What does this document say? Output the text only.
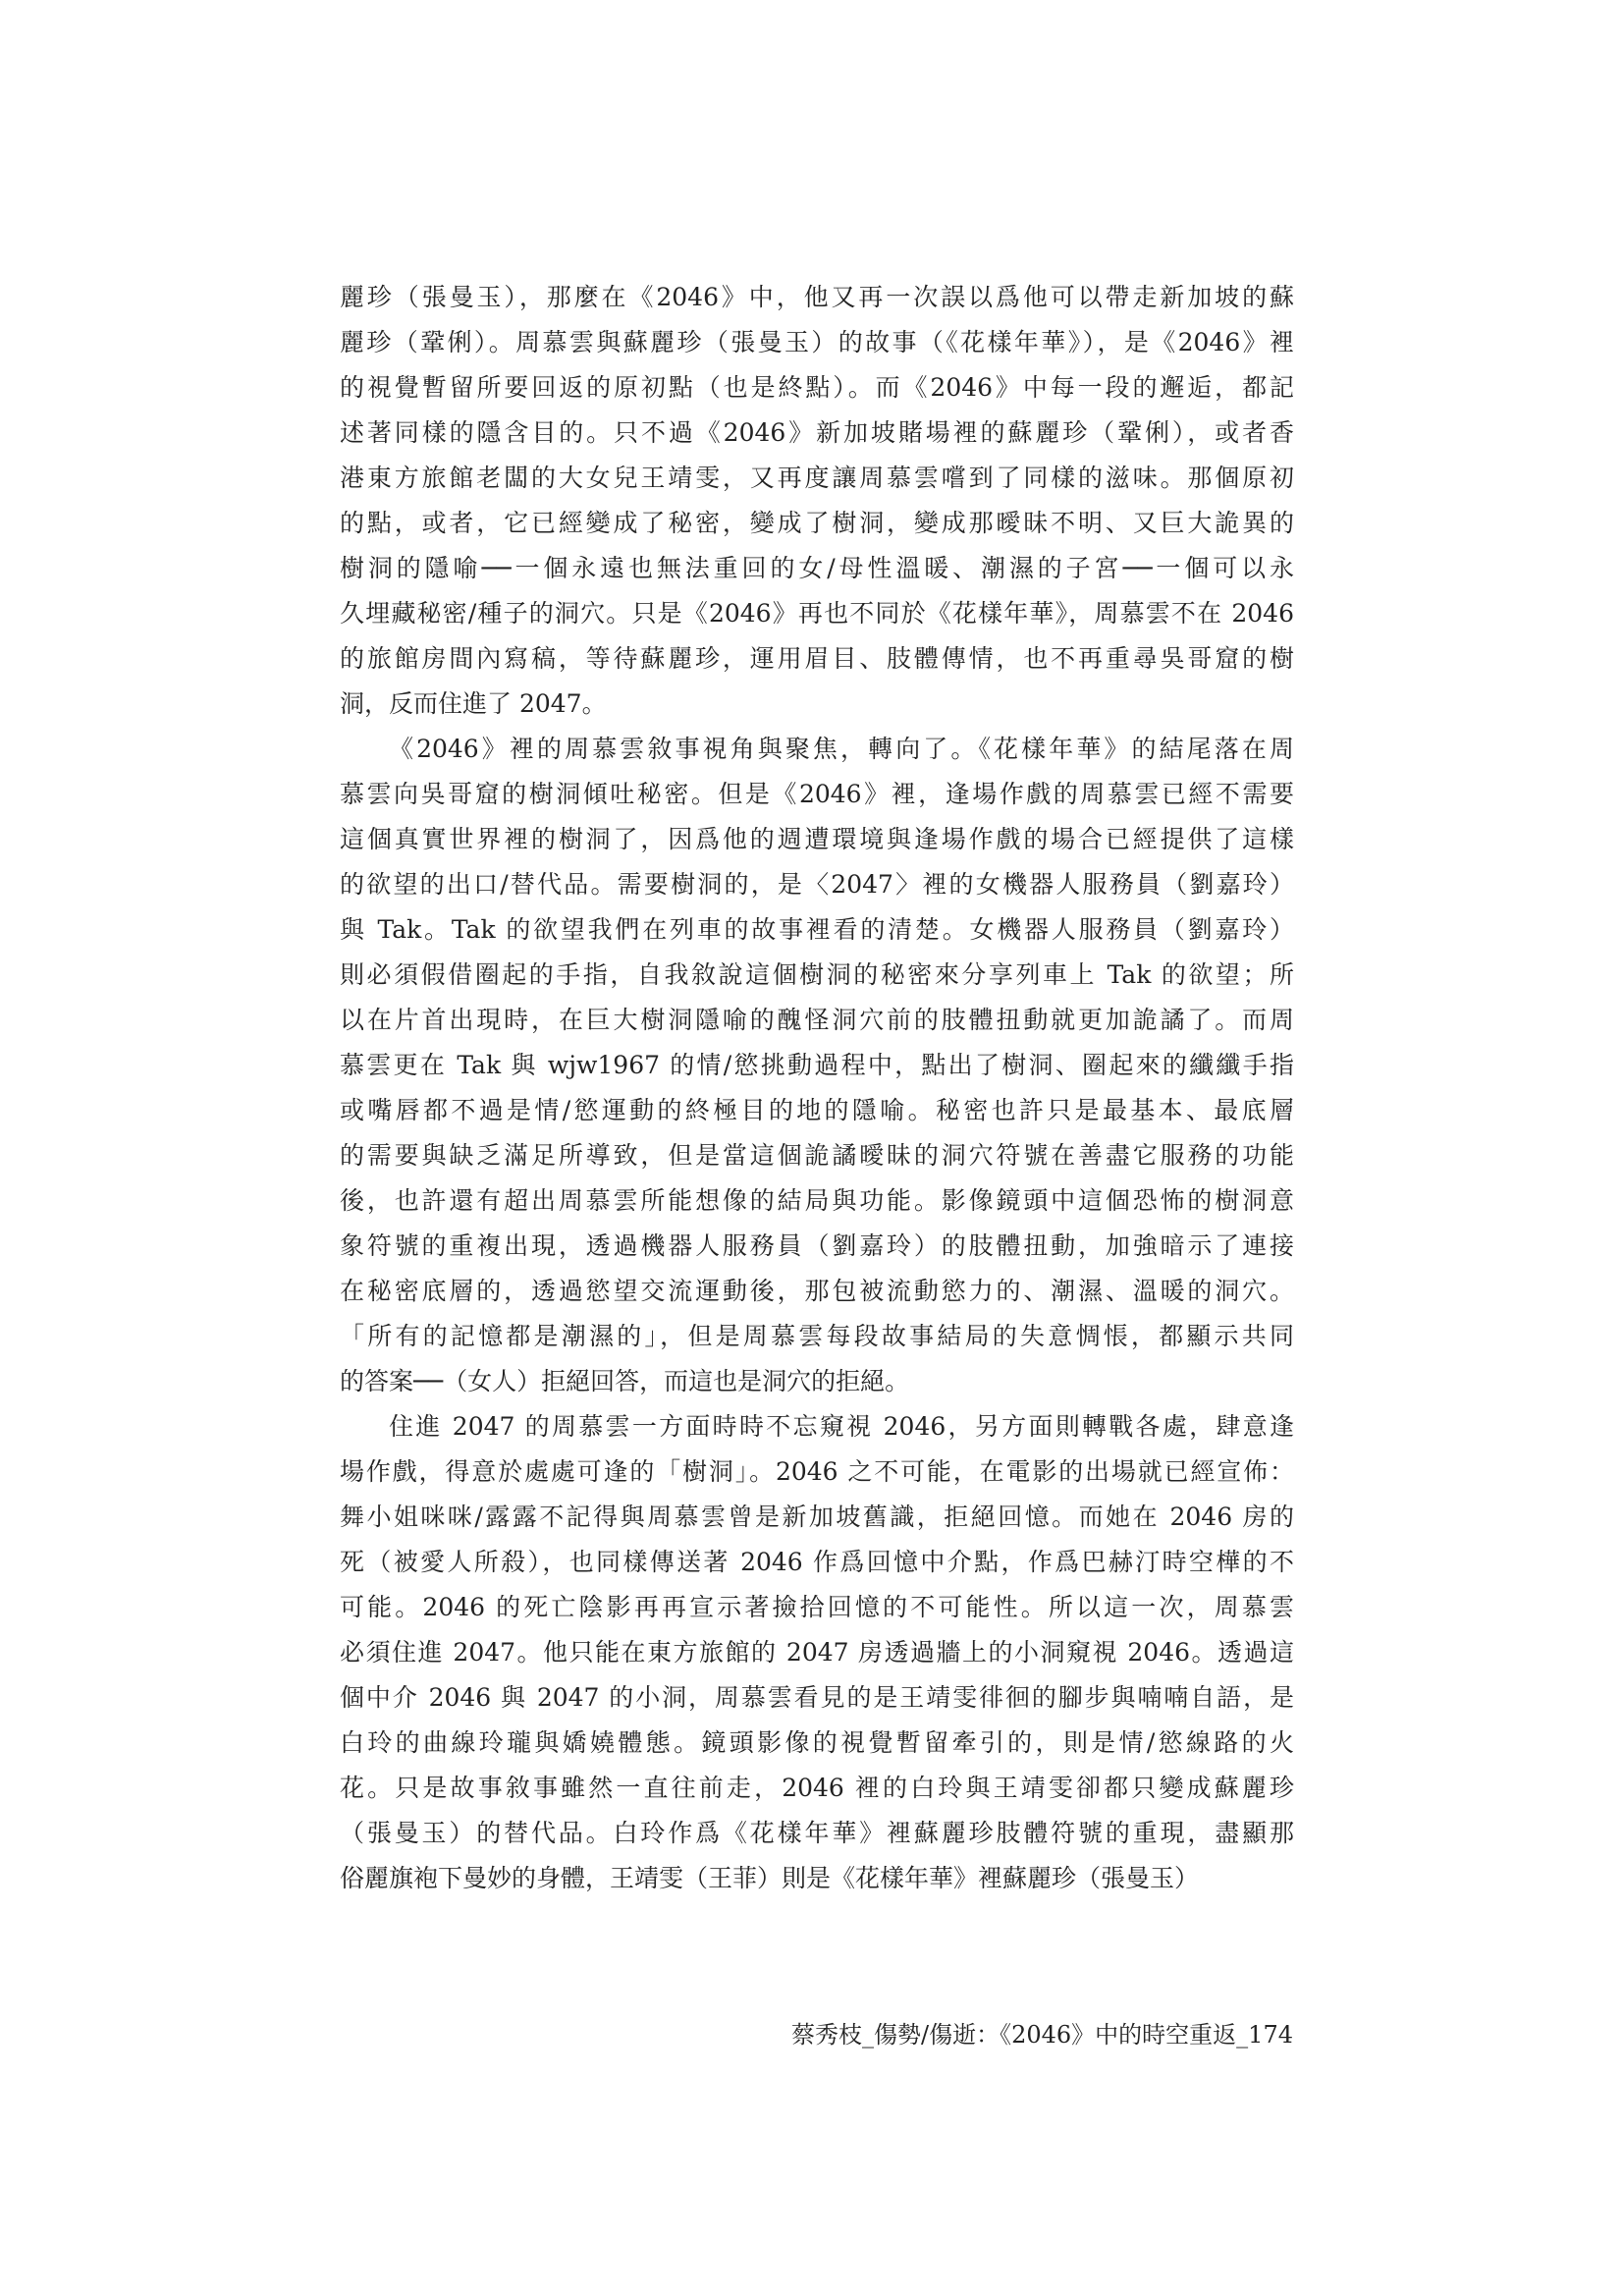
麗珍（張曼玉），那麼在《2046》中，他又再一次誤以爲他可以帶走新加坡的蘇
麗珍（鞏俐）。周慕雲與蘇麗珍（張曼玉）的故事（《花樣年華》），是《2046》裡
的視覺暫留所要回返的原初點（也是終點）。而《2046》中每一段的邂逅，都記
述著同樣的隱含目的。只不過《2046》新加坡賭場裡的蘇麗珍（鞏俐），或者香
港東方旅館老闆的大女兒王靖雯，又再度讓周慕雲嚐到了同樣的滋味。那個原初
的點，或者，它已經變成了秘密，變成了樹洞，變成那曖昧不明、又巨大詭異的
樹洞的隱喻──一個永遠也無法重回的女/母性溫暖、潮濕的子宮──一個可以永
久埋藏秘密/種子的洞穴。只是《2046》再也不同於《花樣年華》，周慕雲不在 2046
的旅館房間內寫稿，等待蘇麗珍，運用眉目、肢體傳情，也不再重尋吳哥窟的樹
洞，反而住進了 2047。
《2046》裡的周慕雲敘事視角與聚焦，轉向了。《花樣年華》的結尾落在周
慕雲向吳哥窟的樹洞傾吐秘密。但是《2046》裡，逢場作戲的周慕雲已經不需要
這個真實世界裡的樹洞了，因爲他的週遭環境與逢場作戲的場合已經提供了這樣
的欲望的出口/替代品。需要樹洞的，是〈2047〉裡的女機器人服務員（劉嘉玲）
與 Tak。Tak 的欲望我們在列車的故事裡看的清楚。女機器人服務員（劉嘉玲）
則必須假借圈起的手指，自我敘說這個樹洞的秘密來分享列車上 Tak 的欲望；所
以在片首出現時，在巨大樹洞隱喻的醜怪洞穴前的肢體扭動就更加詭譎了。而周
慕雲更在 Tak 與 wjw1967 的情/慾挑動過程中，點出了樹洞、圈起來的纖纖手指
或嘴唇都不過是情/慾運動的終極目的地的隱喻。秘密也許只是最基本、最底層
的需要與缺乏滿足所導致，但是當這個詭譎曖昧的洞穴符號在善盡它服務的功能
後，也許還有超出周慕雲所能想像的結局與功能。影像鏡頭中這個恐怖的樹洞意
象符號的重複出現，透過機器人服務員（劉嘉玲）的肢體扭動，加強暗示了連接
在秘密底層的，透過慾望交流運動後，那包被流動慾力的、潮濕、溫暖的洞穴。
「所有的記憶都是潮濕的」，但是周慕雲每段故事結局的失意惆悵，都顯示共同
的答案──（女人）拒絕回答，而這也是洞穴的拒絕。
住進 2047 的周慕雲一方面時時不忘窺視 2046，另方面則轉戰各處，肆意逢
場作戲，得意於處處可逢的「樹洞」。2046 之不可能，在電影的出場就已經宣佈：
舞小姐咪咪/露露不記得與周慕雲曾是新加坡舊識，拒絕回憶。而她在 2046 房的
死（被愛人所殺），也同樣傳送著 2046 作爲回憶中介點，作爲巴赫汀時空樺的不
可能。2046 的死亡陰影再再宣示著撿拾回憶的不可能性。所以這一次，周慕雲
必須住進 2047。他只能在東方旅館的 2047 房透過牆上的小洞窺視 2046。透過這
個中介 2046 與 2047 的小洞，周慕雲看見的是王靖雯徘徊的腳步與喃喃自語，是
白玲的曲線玲瓏與嬌嬈體態。鏡頭影像的視覺暫留牽引的，則是情/慾線路的火
花。只是故事敘事雖然一直往前走，2046 裡的白玲與王靖雯卻都只變成蘇麗珍
（張曼玉）的替代品。白玲作爲《花樣年華》裡蘇麗珍肢體符號的重現，盡顯那
俗麗旗袍下曼妙的身體，王靖雯（王菲）則是《花樣年華》裡蘇麗珍（張曼玉）
蔡秀枝_傷勢/傷逝：《2046》中的時空重返_174
